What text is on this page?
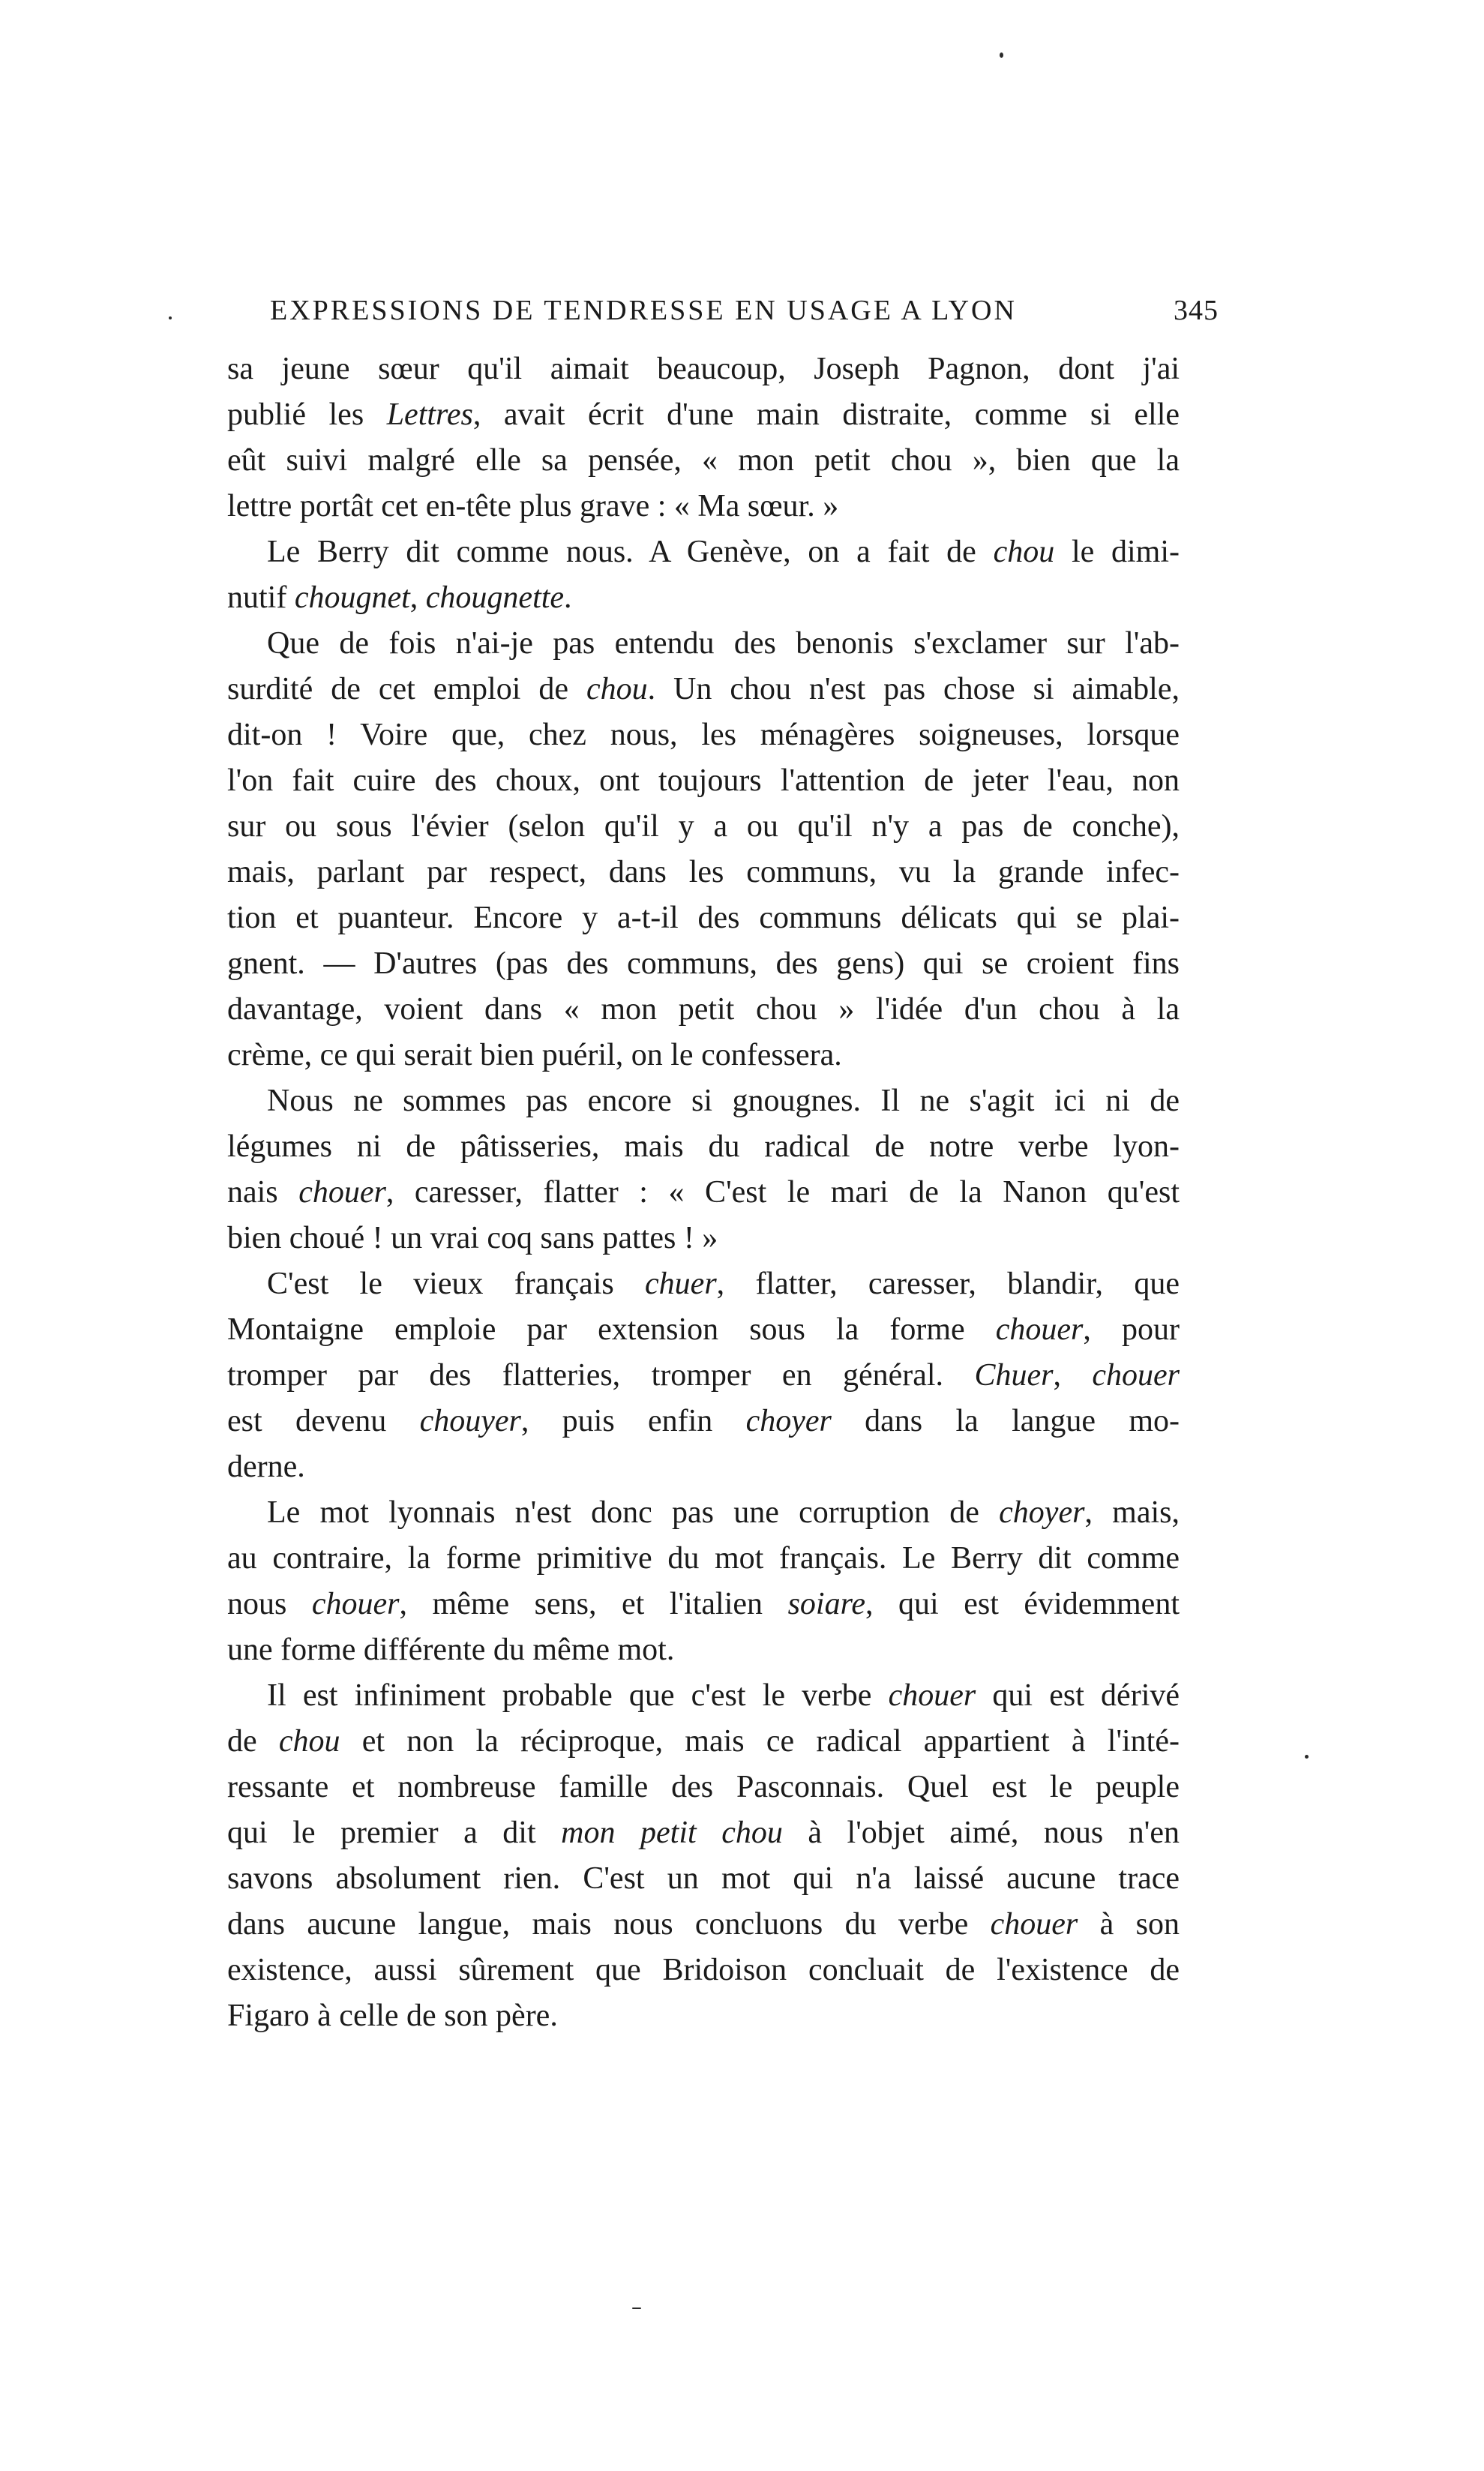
EXPRESSIONS DE TENDRESSE EN USAGE A LYON	345
sa jeune sœur qu'il aimait beaucoup, Joseph Pagnon, dont j'ai
publié les Lettres, avait écrit d'une main distraite, comme si elle
eût suivi malgré elle sa pensée, « mon petit chou », bien que la
lettre portât cet en-tête plus grave : « Ma sœur. »
Le Berry dit comme nous. A Genève, on a fait de chou le dimi-
nutif chougnet, chougnette.
Que de fois n'ai-je pas entendu des benonis s'exclamer sur l'ab-
surdité de cet emploi de chou. Un chou n'est pas chose si aimable,
dit-on ! Voire que, chez nous, les ménagères soigneuses, lorsque
l'on fait cuire des choux, ont toujours l'attention de jeter l'eau, non
sur ou sous l'évier (selon qu'il y a ou qu'il n'y a pas de conche),
mais, parlant par respect, dans les communs, vu la grande infec-
tion et puanteur. Encore y a-t-il des communs délicats qui se plai-
gnent. — D'autres (pas des communs, des gens) qui se croient fins
davantage, voient dans « mon petit chou » l'idée d'un chou à la
crème, ce qui serait bien puéril, on le confessera.
Nous ne sommes pas encore si gnougnes. Il ne s'agit ici ni de
légumes ni de pâtisseries, mais du radical de notre verbe lyon-
nais chouer, caresser, flatter : « C'est le mari de la Nanon qu'est
bien choué ! un vrai coq sans pattes ! »
C'est le vieux français chuer, flatter, caresser, blandir, que
Montaigne emploie par extension sous la forme chouer, pour
tromper par des flatteries, tromper en général. Chuer, chouer
est devenu chouyer, puis enfin choyer dans la langue mo-
derne.
Le mot lyonnais n'est donc pas une corruption de choyer, mais,
au contraire, la forme primitive du mot français. Le Berry dit comme
nous chouer, même sens, et l'italien soiare, qui est évidemment
une forme différente du même mot.
Il est infiniment probable que c'est le verbe chouer qui est dérivé
de chou et non la réciproque, mais ce radical appartient à l'inté-
ressante et nombreuse famille des Pasconnais. Quel est le peuple
qui le premier a dit mon petit chou à l'objet aimé, nous n'en
savons absolument rien. C'est un mot qui n'a laissé aucune trace
dans aucune langue, mais nous concluons du verbe chouer à son
existence, aussi sûrement que Bridoison concluait de l'existence de
Figaro à celle de son père.
